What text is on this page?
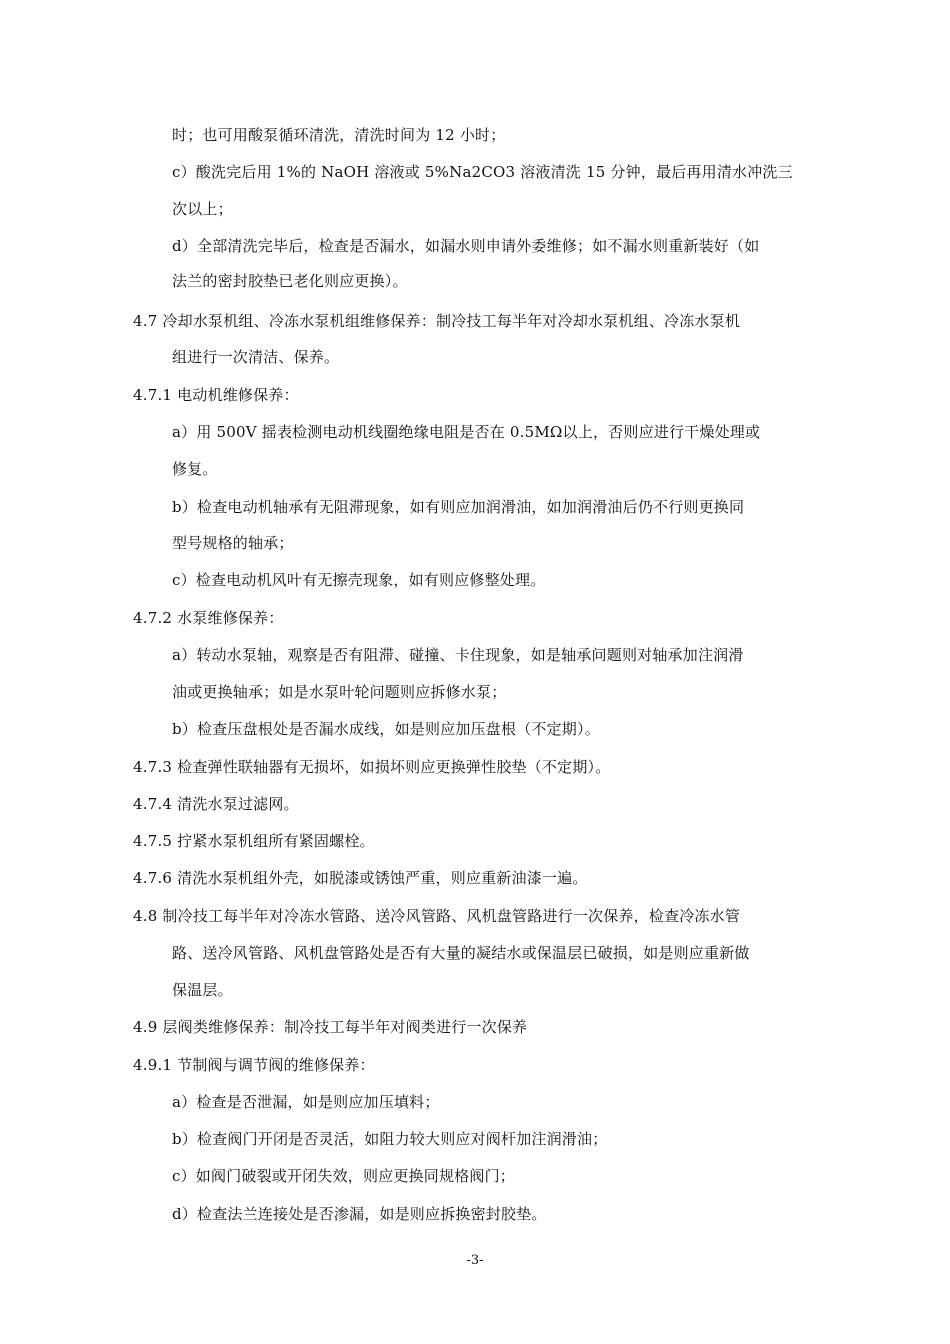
时；也可用酸泵循环清洗，清洗时间为 12 小时；
c）酸洗完后用 1%的 NaOH 溶液或 5%Na2CO3 溶液清洗 15 分钟，最后再用清水冲洗三
次以上；
d）全部清洗完毕后，检查是否漏水，如漏水则申请外委维修；如不漏水则重新装好（如
法兰的密封胶垫已老化则应更换）。
4.7 冷却水泵机组、冷冻水泵机组维修保养：制冷技工每半年对冷却水泵机组、冷冻水泵机
组进行一次清洁、保养。
4.7.1 电动机维修保养：
a）用 500V 摇表检测电动机线圈绝缘电阻是否在 0.5MΩ以上，否则应进行干燥处理或
修复。
b）检查电动机轴承有无阻滞现象，如有则应加润滑油，如加润滑油后仍不行则更换同
型号规格的轴承；
c）检查电动机风叶有无擦壳现象，如有则应修整处理。
4.7.2 水泵维修保养：
a）转动水泵轴，观察是否有阻滞、碰撞、卡住现象，如是轴承问题则对轴承加注润滑
油或更换轴承；如是水泵叶轮问题则应拆修水泵；
b）检查压盘根处是否漏水成线，如是则应加压盘根（不定期）。
4.7.3 检查弹性联轴器有无损坏，如损坏则应更换弹性胶垫（不定期）。
4.7.4 清洗水泵过滤网。
4.7.5 拧紧水泵机组所有紧固螺栓。
4.7.6 清洗水泵机组外壳，如脱漆或锈蚀严重，则应重新油漆一遍。
4.8 制冷技工每半年对冷冻水管路、送冷风管路、风机盘管路进行一次保养，检查冷冻水管
路、送冷风管路、风机盘管路处是否有大量的凝结水或保温层已破损，如是则应重新做
保温层。
4.9 层阀类维修保养：制冷技工每半年对阀类进行一次保养
4.9.1 节制阀与调节阀的维修保养：
a）检查是否泄漏，如是则应加压填料；
b）检查阀门开闭是否灵活，如阻力较大则应对阀杆加注润滑油；
c）如阀门破裂或开闭失效，则应更换同规格阀门；
d）检查法兰连接处是否渗漏，如是则应拆换密封胶垫。
-3-
